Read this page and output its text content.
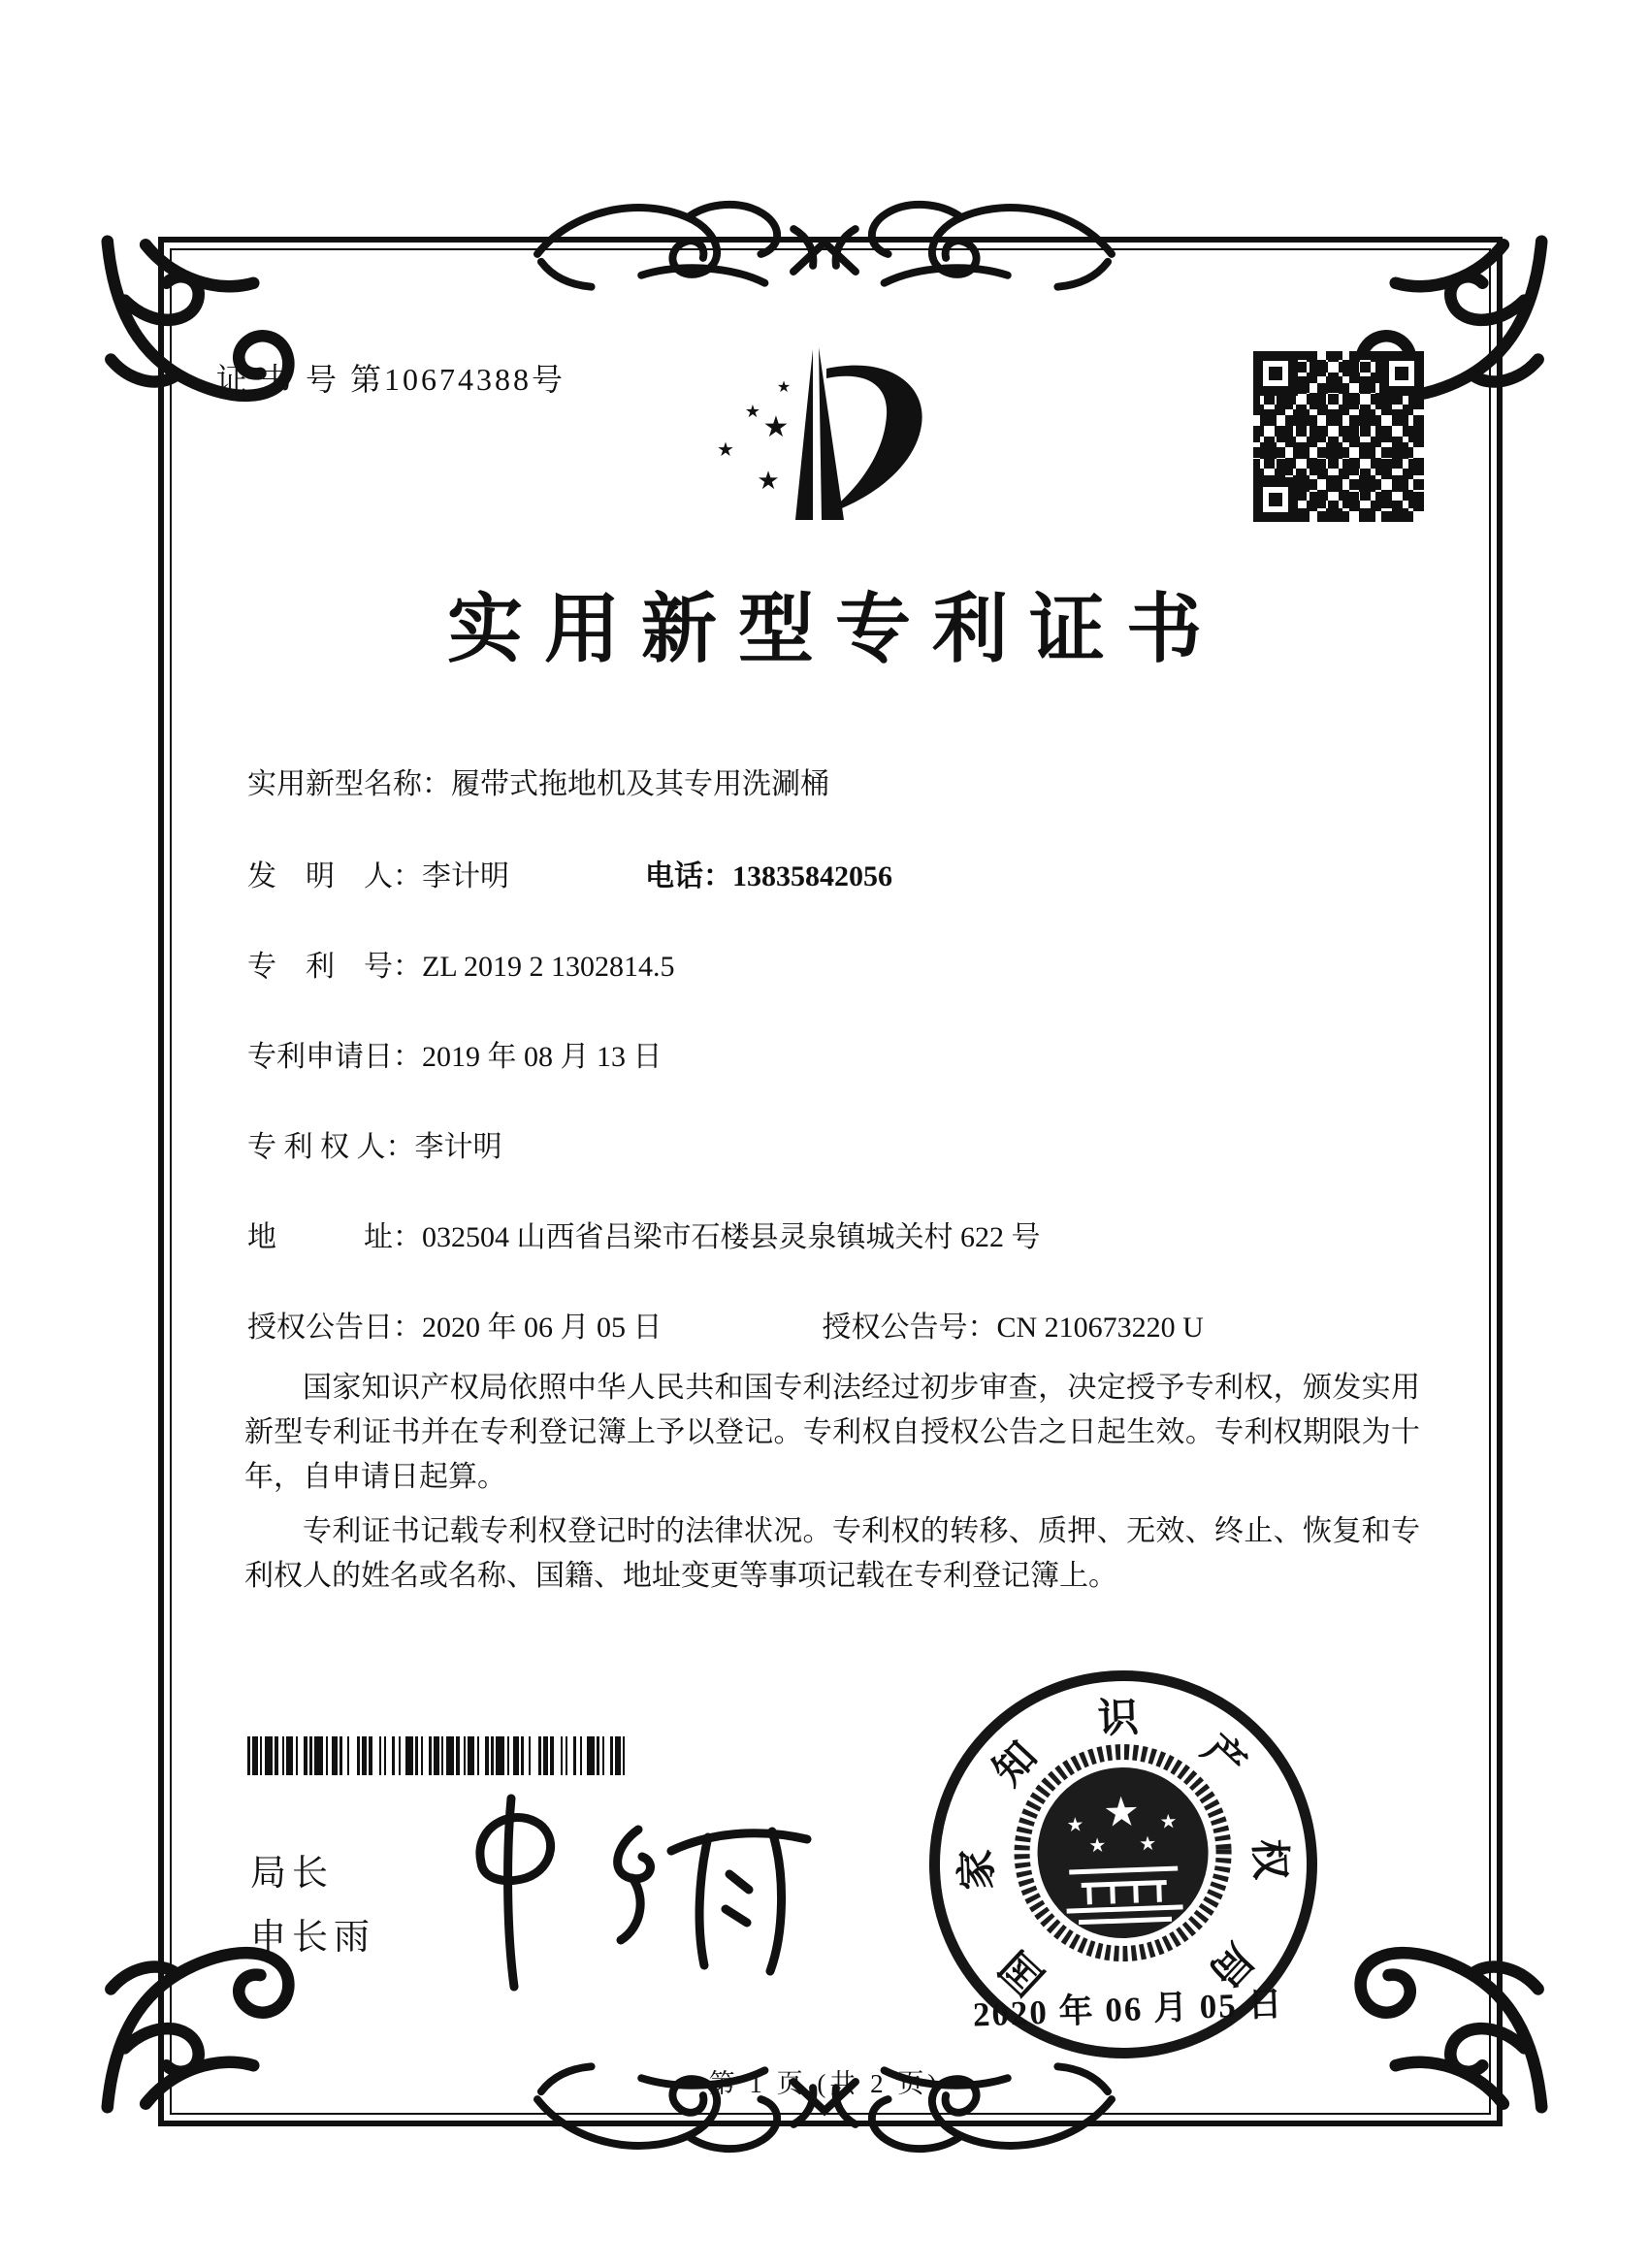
证 书 号 第10674388号	★
★ ★
★
★
实用新型专利证书
实用新型名称：履带式拖地机及其专用洗涮桶
发　明　人：李计明	电话：13835842056
专　利　号：ZL 2019 2 1302814.5
专利申请日：2019 年 08 月 13 日
专 利 权 人：李计明
地　　　址：032504 山西省吕梁市石楼县灵泉镇城关村 622 号
授权公告日：2020 年 06 月 05 日	授权公告号：CN 210673220 U

国家知识产权局依照中华人民共和国专利法经过初步审查，决定授予专利权，颁发实用新型专利证书并在专利登记簿上予以登记。专利权自授权公告之日起生效。专利权期限为十年，自申请日起算。

专利证书记载专利权登记时的法律状况。专利权的转移、质押、无效、终止、恢复和专利权人的姓名或名称、国籍、地址变更等事项记载在专利登记簿上。

局长
申长雨
国
家
知
识
产
权
局
★
★	★
★ ★
2020 年 06 月 05 日
第 1 页 (共 2 页)
